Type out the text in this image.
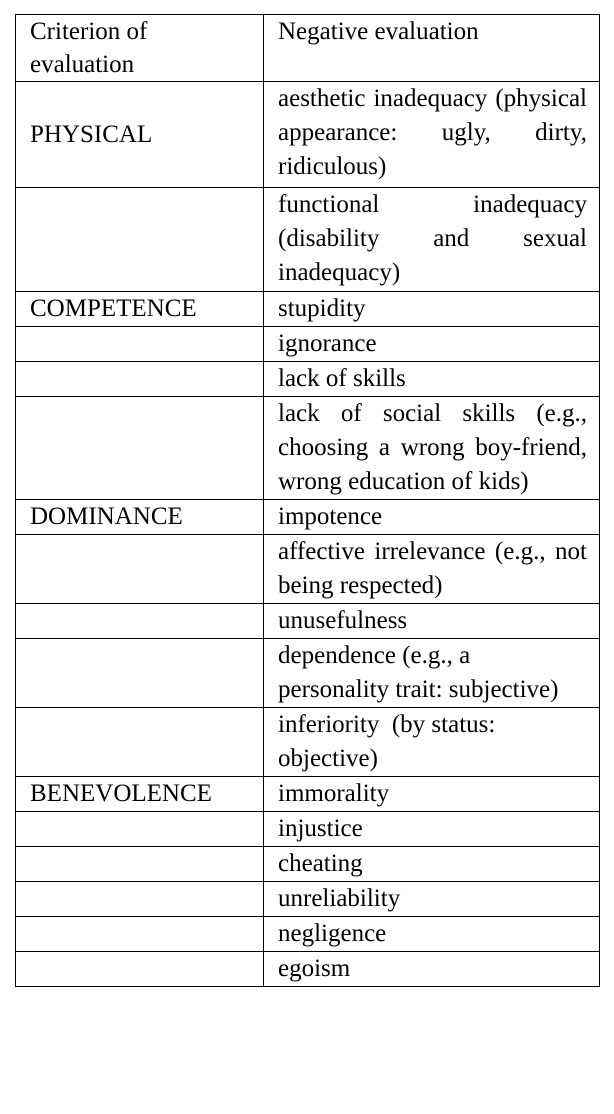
Criterion of evaluation	Negative evaluation
PHYSICAL	aesthetic inadequacy (physical appearance: ugly, dirty, ridiculous)
	functional inadequacy (disability and sexual inadequacy)
COMPETENCE	stupidity
	ignorance
	lack of skills
	lack of social skills (e.g., choosing a wrong boy-friend, wrong education of kids)
DOMINANCE	impotence
	affective irrelevance (e.g., not being respected)
	unusefulness
	dependence (e.g., a personality trait: subjective)
	inferiority  (by status: objective)
BENEVOLENCE	immorality
	injustice
	cheating
	unreliability
	negligence
	egoism
